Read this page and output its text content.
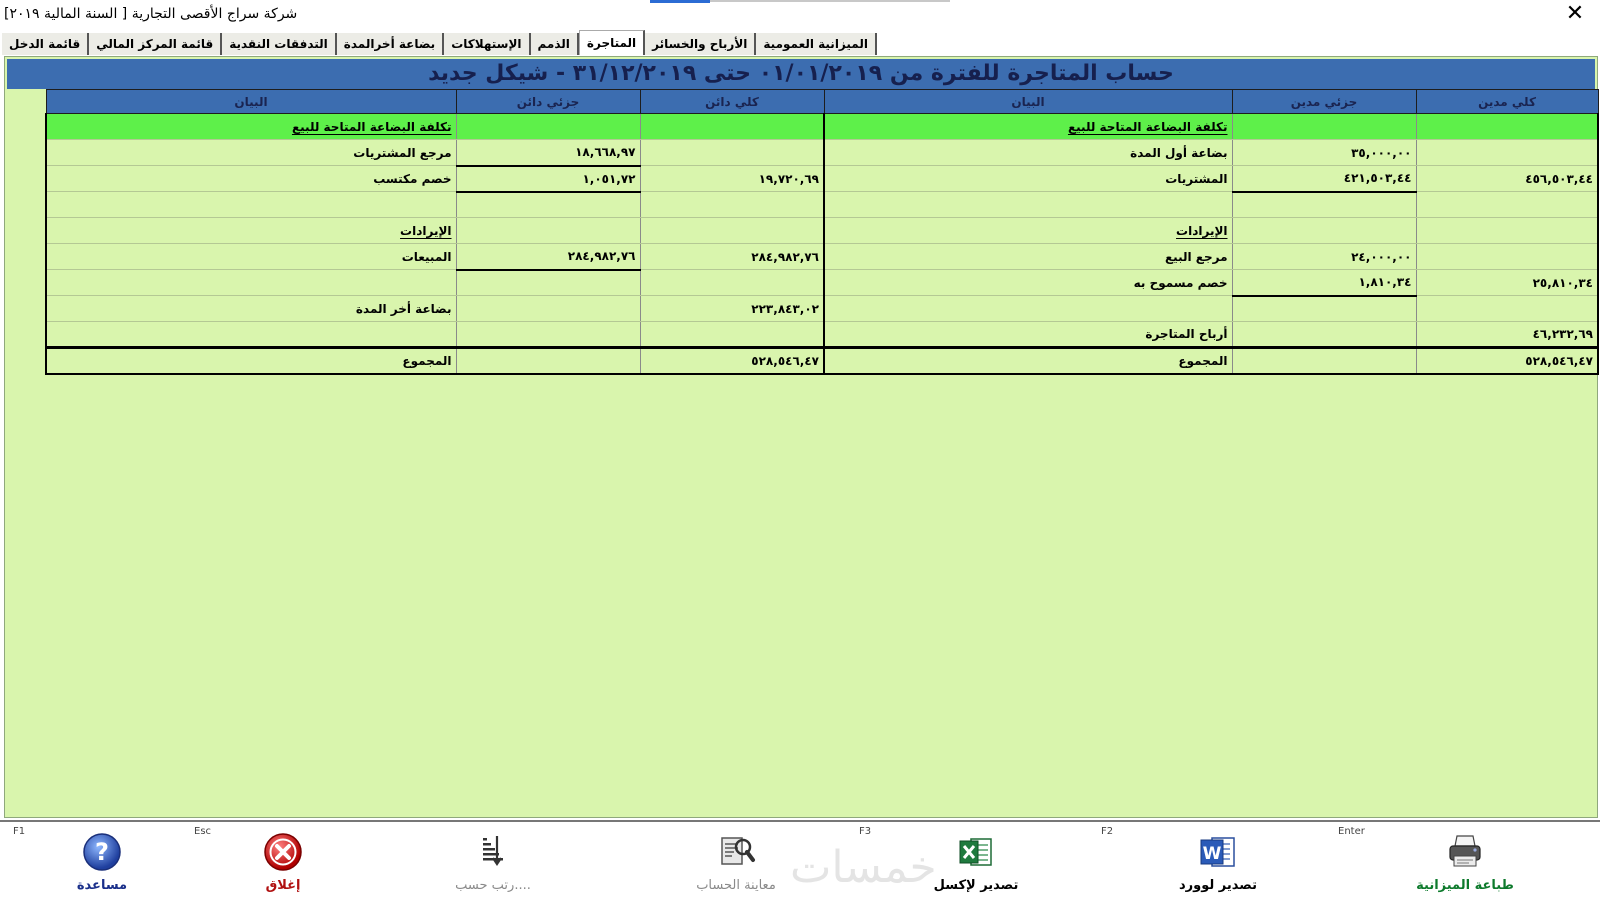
شركة سراج الأقصى التجارية [ السنة المالية ٢٠١٩]	✕
قائمة الدخل	قائمة المركز المالي	التدفقات النقدية	بضاعة أخرالمدة	الإستهلاكات	الذمم	المتاجرة	الأرباح والخسائر	الميزانية العمومية
حساب المتاجرة للفترة من ٠١/٠١/٢٠١٩ حتى ٣١/١٢/٢٠١٩ - شيكل جديد
البيان	جزئي دائن	كلي دائن	البيان	جزئي مدين	كلي مدين
تكلفة البضاعة المتاحة للبيع			تكلفة البضاعة المتاحة للبيع		
مرجع المشتريات	١٨,٦٦٨,٩٧		بضاعة أول المدة	٣٥,٠٠٠,٠٠	
خصم مكتسب	١,٠٥١,٧٢	١٩,٧٢٠,٦٩	المشتريات	٤٢١,٥٠٣,٤٤	٤٥٦,٥٠٣,٤٤

الإيرادات			الإيرادات		
المبيعات	٢٨٤,٩٨٢,٧٦	٢٨٤,٩٨٢,٧٦	مرجع البيع	٢٤,٠٠٠,٠٠	
			خصم مسموح به	١,٨١٠,٣٤	٢٥,٨١٠,٣٤
بضاعة أخر المدة		٢٢٣,٨٤٣,٠٢			
			أرباح المتاجرة		٤٦,٢٣٢,٦٩
المجموع		٥٢٨,٥٤٦,٤٧	المجموع		٥٢٨,٥٤٦,٤٧
خمسات
F1
?
مساعدة
Esc
إغلاق	....رتب حسب	معاينة الحساب
F3
تصدير لإكسل
F2
W
تصدير لوورد
Enter
طباعة الميزانية
